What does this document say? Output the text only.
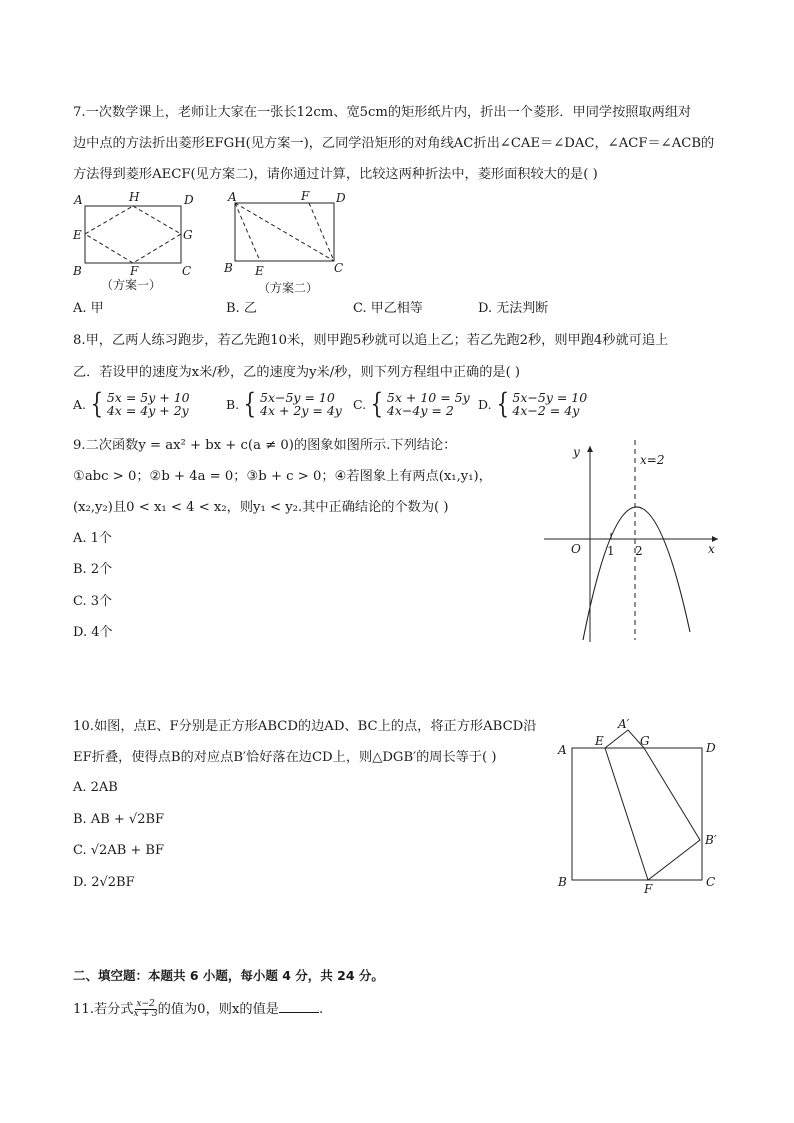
7.一次数学课上，老师让大家在一张长12cm、宽5cm的矩形纸片内，折出一个菱形．甲同学按照取两组对
边中点的方法折出菱形EFGH(见方案一)，乙同学沿矩形的对角线AC折出∠CAE＝∠DAC，∠ACF＝∠ACB的
方法得到菱形AECF(见方案二)，请你通过计算，比较这两种折法中，菱形面积较大的是( )
A	H	D
E	G
B	F	C
（方案一）
A	F D
B E	C
（方案二）
A. 甲	B. 乙	C. 甲乙相等	D. 无法判断
8.甲，乙两人练习跑步，若乙先跑10米，则甲跑5秒就可以追上乙；若乙先跑2秒，则甲跑4秒就可追上
乙．若设甲的速度为x米/秒，乙的速度为y米/秒，则下列方程组中正确的是( )
A. { 5x = 5y + 10
4x = 4y + 2y	B. { 5x−5y = 10
4x + 2y = 4y C. { 5x + 10 = 5y
4x−4y = 2	D. { 5x−5y = 10
4x−2 = 4y
9.二次函数y = ax² + bx + c(a ≠ 0)的图象如图所示.下列结论：
①abc > 0；②b + 4a = 0；③b + c > 0；④若图象上有两点(x₁,y₁)，
(x₂,y₂)且0 < x₁ < 4 < x₂，则y₁ < y₂.其中正确结论的个数为( )
A. 1个
B. 2个
C. 3个
D. 4个
y
x
O 1 2
x=2
10.如图，点E、F分别是正方形ABCD的边AD、BC上的点，将正方形ABCD沿
EF折叠，使得点B的对应点B′恰好落在边CD上，则△DGB′的周长等于( )
A. 2AB
B. AB + √2BF
C. √2AB + BF
D. 2√2BF
A
E
A′
G	D
B′
B	F	C
二、填空题：本题共 6 小题，每小题 4 分，共 24 分。
11.若分式 $\frac{x-2}{x + 3}$ 的值为0，则x的值是	.
